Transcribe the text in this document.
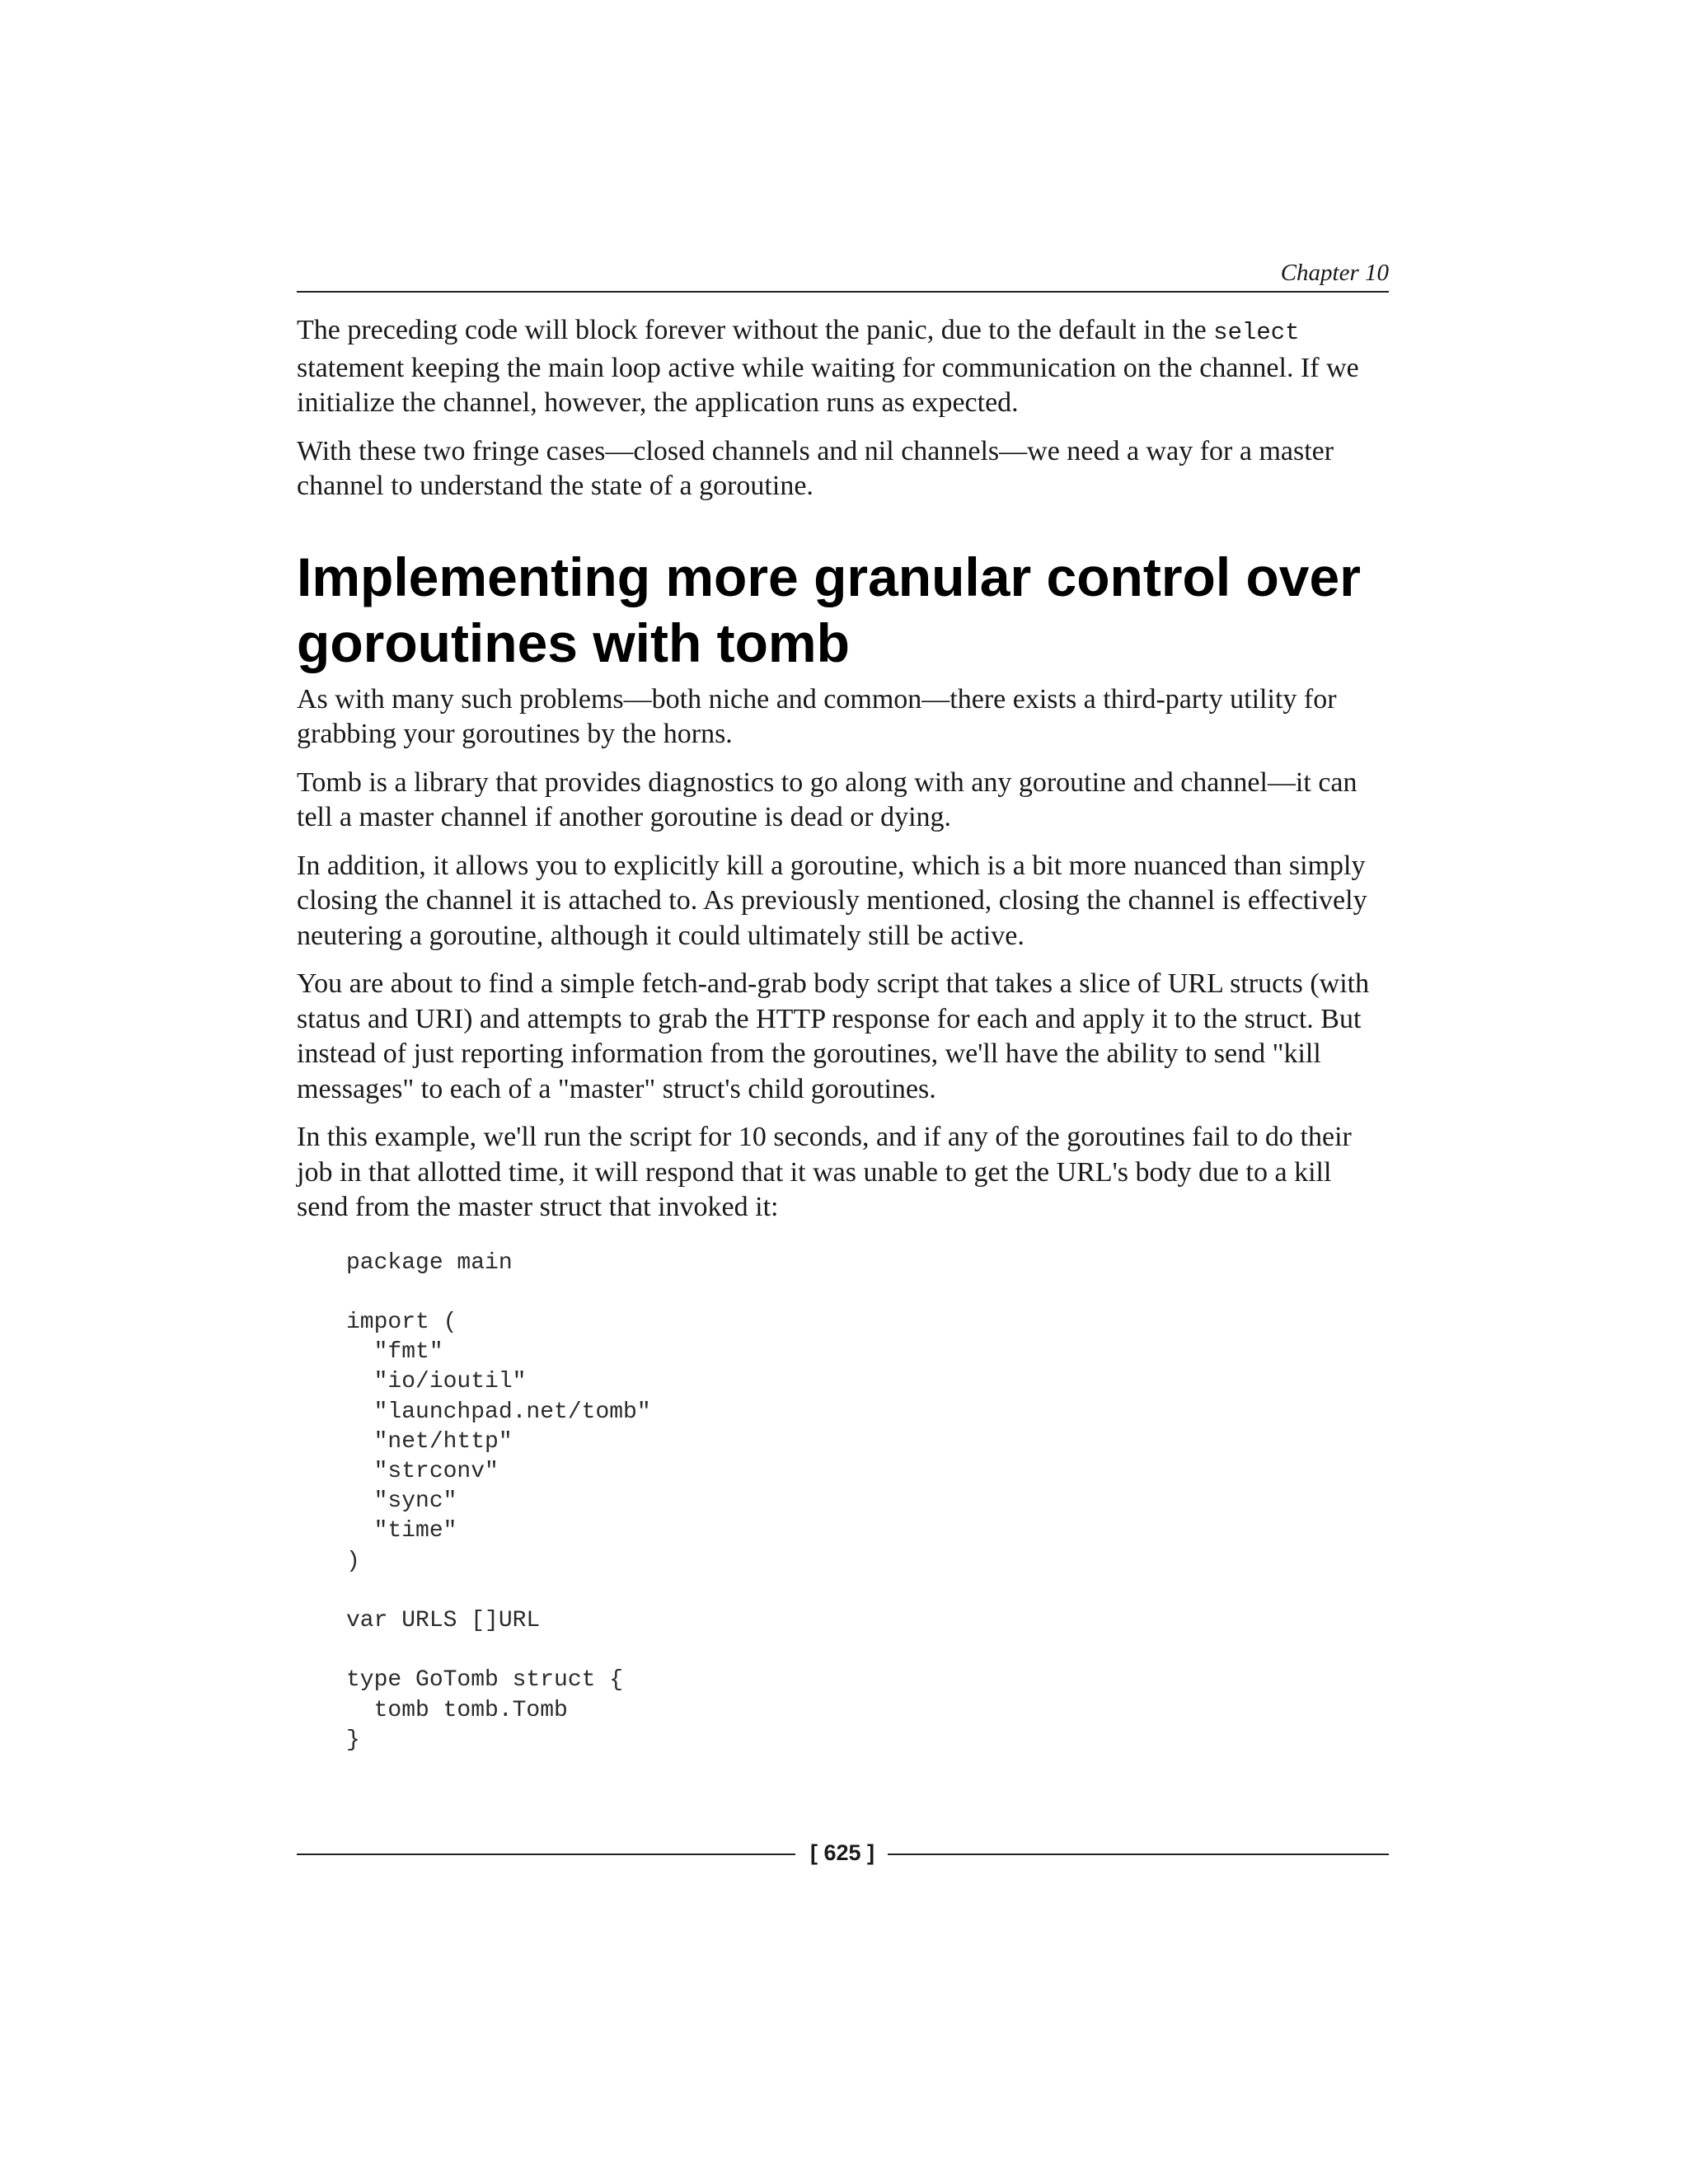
Chapter 10

The preceding code will block forever without the panic, due to the default in the select statement keeping the main loop active while waiting for communication on the channel. If we initialize the channel, however, the application runs as expected.

With these two fringe cases—closed channels and nil channels—we need a way for a master channel to understand the state of a goroutine.

Implementing more granular control over goroutines with tomb

As with many such problems—both niche and common—there exists a third-party utility for grabbing your goroutines by the horns.

Tomb is a library that provides diagnostics to go along with any goroutine and channel—it can tell a master channel if another goroutine is dead or dying.

In addition, it allows you to explicitly kill a goroutine, which is a bit more nuanced than simply closing the channel it is attached to. As previously mentioned, closing the channel is effectively neutering a goroutine, although it could ultimately still be active.

You are about to find a simple fetch-and-grab body script that takes a slice of URL structs (with status and URI) and attempts to grab the HTTP response for each and apply it to the struct. But instead of just reporting information from the goroutines, we'll have the ability to send "kill messages" to each of a "master" struct's child goroutines.

In this example, we'll run the script for 10 seconds, and if any of the goroutines fail to do their job in that allotted time, it will respond that it was unable to get the URL's body due to a kill send from the master struct that invoked it:

package main

import (
"fmt"
"io/ioutil"
"launchpad.net/tomb"
"net/http"
"strconv"
"sync"
"time"
)

var URLS []URL

type GoTomb struct {
tomb tomb.Tomb
}
[ 625 ]
